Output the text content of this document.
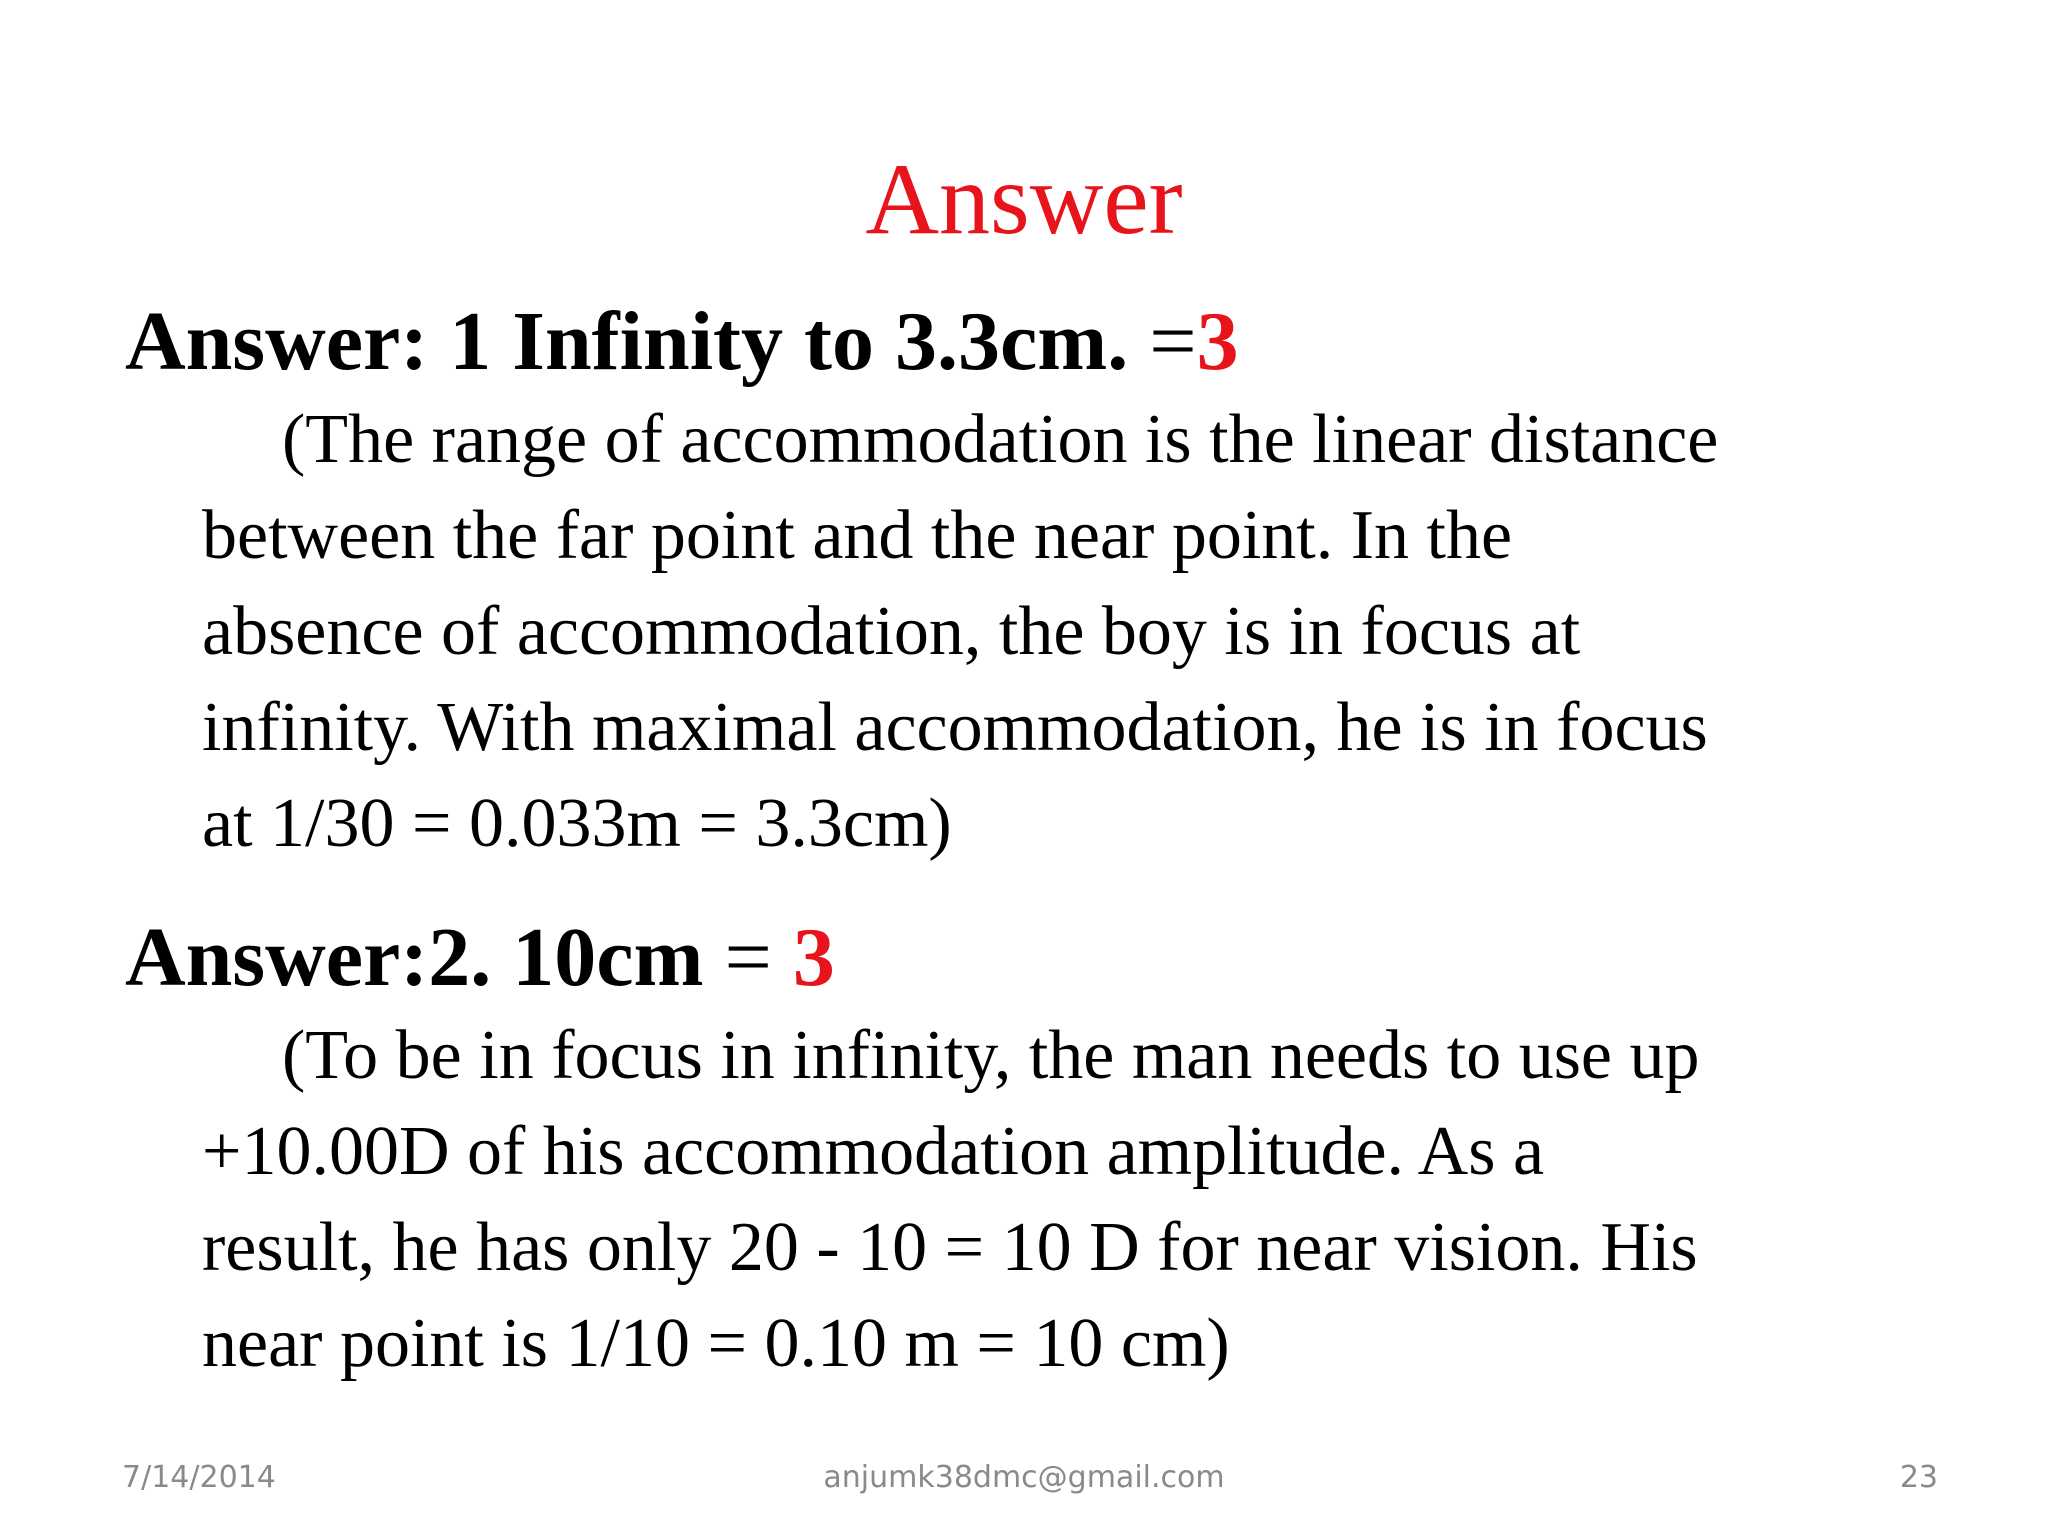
Answer

Answer: 1 Infinity to 3.3cm. =3

(The range of accommodation is the linear distance
between the far point and the near point. In the
absence of accommodation, the boy is in focus at
infinity. With maximal accommodation, he is in focus
at 1/30 = 0.033m = 3.3cm)

Answer:2. 10cm = 3

(To be in focus in infinity, the man needs to use up
+10.00D of his accommodation amplitude. As a
result, he has only 20 - 10 = 10 D for near vision. His
near point is 1/10 = 0.10 m = 10 cm)

7/14/2014	anjumk38dmc@gmail.com	23
